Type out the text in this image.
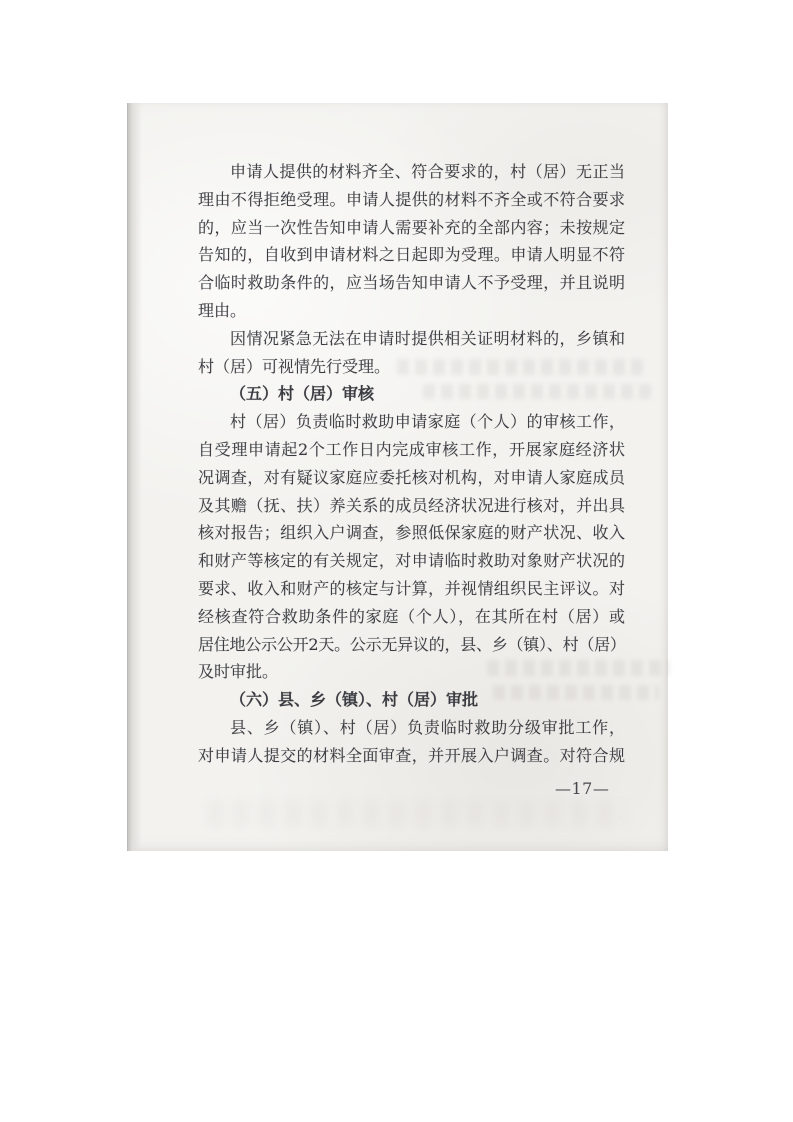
申请人提供的材料齐全、符合要求的，村（居）无正当
理由不得拒绝受理。申请人提供的材料不齐全或不符合要求
的，应当一次性告知申请人需要补充的全部内容；未按规定
告知的，自收到申请材料之日起即为受理。申请人明显不符
合临时救助条件的，应当场告知申请人不予受理，并且说明
理由。
因情况紧急无法在申请时提供相关证明材料的，乡镇和
村（居）可视情先行受理。
（五）村（居）审核
村（居）负责临时救助申请家庭（个人）的审核工作，
自受理申请起2个工作日内完成审核工作，开展家庭经济状
况调查，对有疑议家庭应委托核对机构，对申请人家庭成员
及其赡（抚、扶）养关系的成员经济状况进行核对，并出具
核对报告；组织入户调查，参照低保家庭的财产状况、收入
和财产等核定的有关规定，对申请临时救助对象财产状况的
要求、收入和财产的核定与计算，并视情组织民主评议。对
经核查符合救助条件的家庭（个人），在其所在村（居）或
居住地公示公开2天。公示无异议的，县、乡（镇）、村（居）
及时审批。
（六）县、乡（镇）、村（居）审批
县、乡（镇）、村（居）负责临时救助分级审批工作，
对申请人提交的材料全面审查，并开展入户调查。对符合规
—17—
